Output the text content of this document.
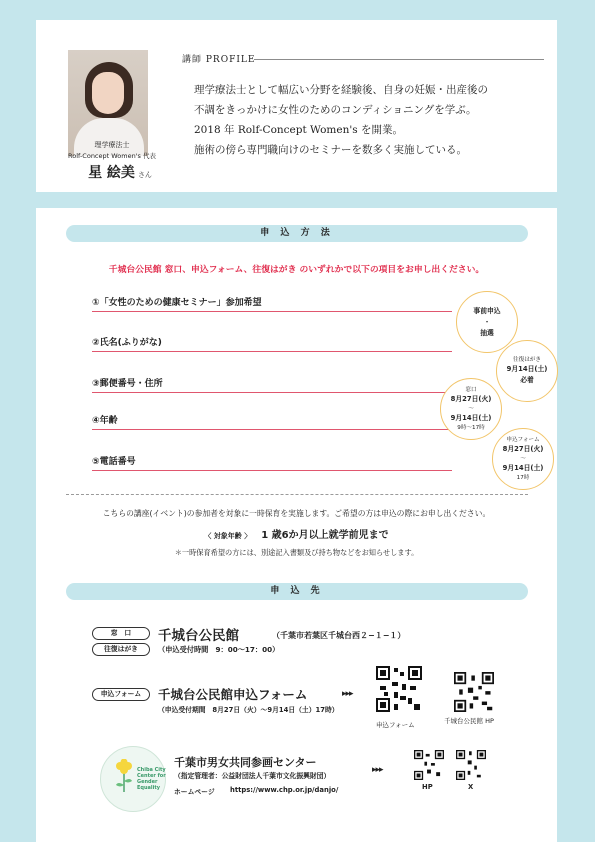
理学療法士
Rolf-Concept Women's 代表
星 絵美 さん
講師 PROFILE

理学療法士として幅広い分野を経験後、自身の妊娠・出産後の

不調をきっかけに女性のためのコンディショニングを学ぶ。

2018 年 Rolf-Concept Women's を開業。

施術の傍ら専門職向けのセミナーを数多く実施している。

申 込 方 法
千城台公民館 窓口、申込フォーム、往復はがき のいずれかで以下の項目をお申し出ください。
①「女性のための健康セミナー」参加希望
②氏名(ふりがな)
③郵便番号・住所
④年齢
⑤電話番号
事前申込
・
抽選
往復はがき
9月14日(土)
必着
窓口
8月27日(火)
〜
9月14日(土)
9時〜17時
申込フォーム
8月27日(火)
〜
9月14日(土)
17時
こちらの講座(イベント)の参加者を対象に一時保育を実施します。ご希望の方は申込の際にお申し出ください。
〈 対象年齢 〉 1 歳6か月以上就学前児まで
＊一時保育希望の方には、別途記入書類及び持ち物などをお知らせします。
申 込 先
窓　口
往復はがき
千城台公民館	（千葉市若葉区千城台西２−１−１）
（申込受付時間　9：00〜17：00）
申込フォーム	千城台公民館申込フォーム
（申込受付期間　8月27日（火）〜9月14日（土）17時）
▸▸▸
申込フォーム	千城台公民館 HP
Chiba City
Center for
Gender
Equality
千葉市男女共同参画センター
（指定管理者：公益財団法人千葉市文化振興財団）
ホームページ https://www.chp.or.jp/danjo/
▸▸▸
HP	X
